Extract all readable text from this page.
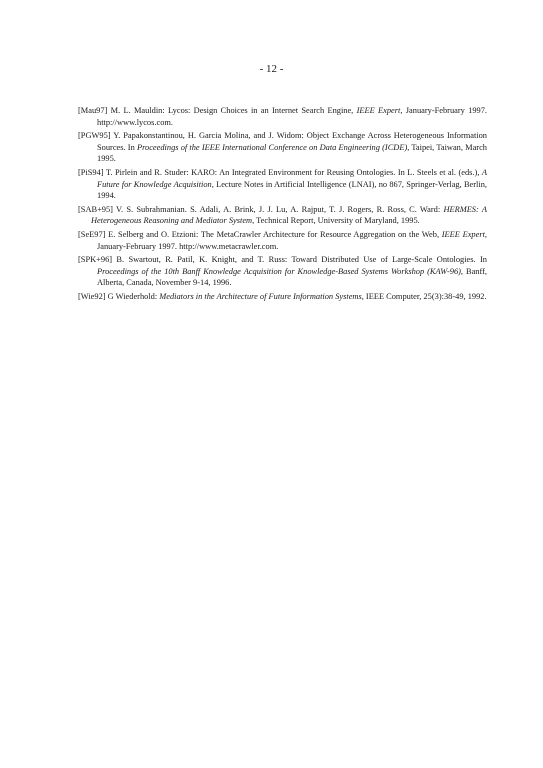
- 12 -

[Mau97] M. L. Mauldin: Lycos: Design Choices in an Internet Search Engine, IEEE Expert, January-February 1997. http://www.lycos.com.

[PGW95] Y. Papakonstantinou, H. Garcia Molina, and J. Widom: Object Exchange Across Heterogeneous Information Sources. In Proceedings of the IEEE International Conference on Data Engineering (ICDE), Taipei, Taiwan, March 1995.

[PiS94] T. Pirlein and R. Studer: KARO: An Integrated Environment for Reusing Ontologies. In L. Steels et al. (eds.), A Future for Knowledge Acquisition, Lecture Notes in Artificial Intelligence (LNAI), no 867, Springer-Verlag, Berlin, 1994.

[SAB+95] V. S. Subrahmanian. S. Adali, A. Brink, J. J. Lu, A. Rajput, T. J. Rogers, R. Ross, C. Ward: HERMES: A Heterogeneous Reasoning and Mediator System, Technical Report, University of Maryland, 1995.

[SeE97] E. Selberg and O. Etzioni: The MetaCrawler Architecture for Resource Aggregation on the Web, IEEE Expert, January-February 1997. http://www.metacrawler.com.

[SPK+96] B. Swartout, R. Patil, K. Knight, and T. Russ: Toward Distributed Use of Large-Scale Ontologies. In Proceedings of the 10th Banff Knowledge Acquisition for Knowledge-Based Systems Workshop (KAW-96), Banff, Alberta, Canada, November 9-14, 1996.

[Wie92] G Wiederhold: Mediators in the Architecture of Future Information Systems, IEEE Computer, 25(3):38-49, 1992.
